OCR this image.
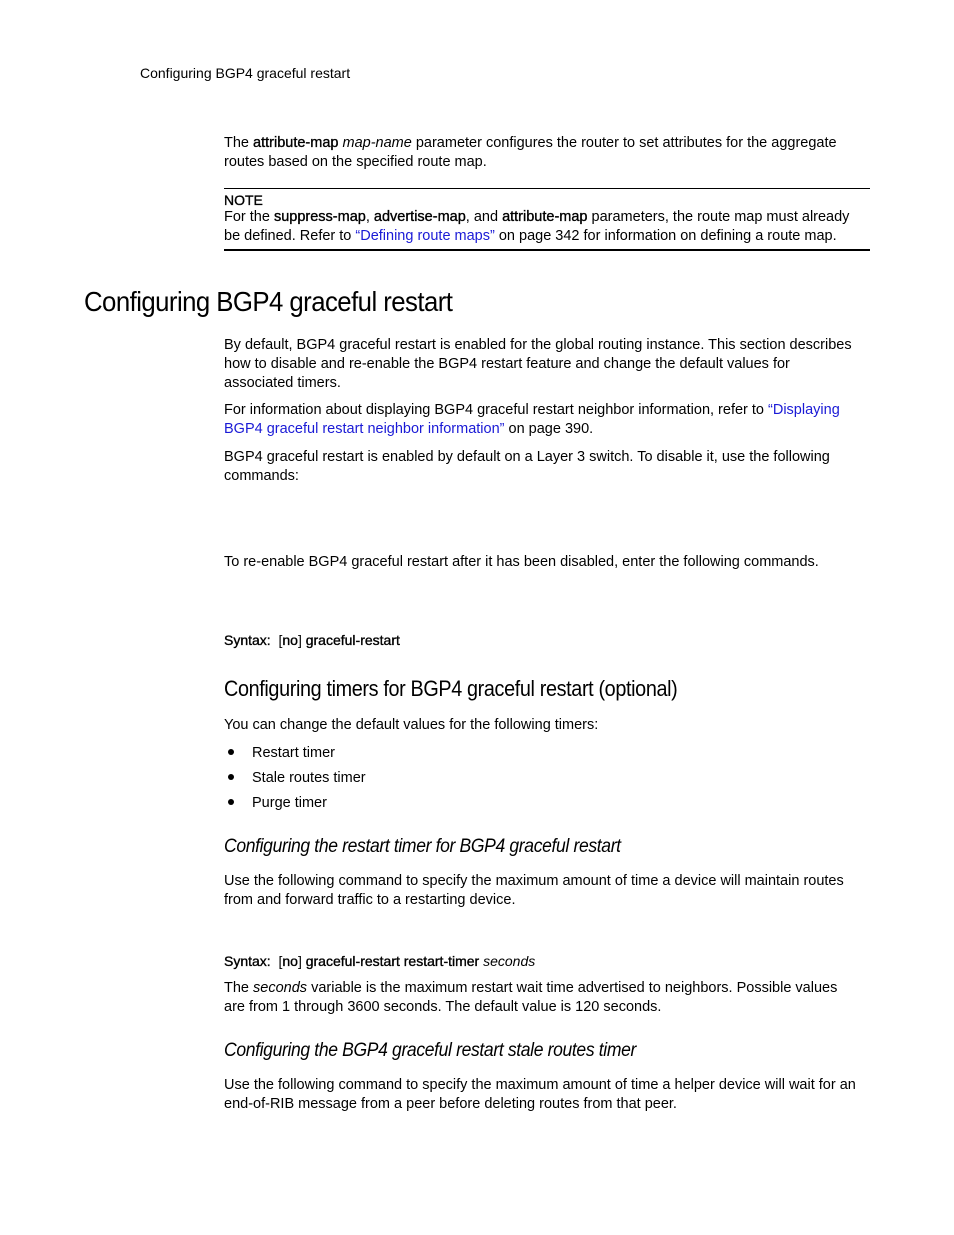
Configuring BGP4 graceful restart
The attribute-map map-name parameter configures the router to set attributes for the aggregate
routes based on the specified route map.
NOTE
For the suppress-map, advertise-map, and attribute-map parameters, the route map must already
be defined. Refer to “Defining route maps” on page 342 for information on defining a route map.
Configuring BGP4 graceful restart
By default, BGP4 graceful restart is enabled for the global routing instance. This section describes
how to disable and re-enable the BGP4 restart feature and change the default values for
associated timers.
For information about displaying BGP4 graceful restart neighbor information, refer to “Displaying
BGP4 graceful restart neighbor information” on page 390.
BGP4 graceful restart is enabled by default on a Layer 3 switch. To disable it, use the following
commands:
To re-enable BGP4 graceful restart after it has been disabled, enter the following commands.
Syntax: [no] graceful-restart
Configuring timers for BGP4 graceful restart (optional)
You can change the default values for the following timers:
Restart timer
Stale routes timer
Purge timer
Configuring the restart timer for BGP4 graceful restart
Use the following command to specify the maximum amount of time a device will maintain routes
from and forward traffic to a restarting device.
Syntax: [no] graceful-restart restart-timer seconds
The seconds variable is the maximum restart wait time advertised to neighbors. Possible values
are from 1 through 3600 seconds. The default value is 120 seconds.
Configuring the BGP4 graceful restart stale routes timer
Use the following command to specify the maximum amount of time a helper device will wait for an
end-of-RIB message from a peer before deleting routes from that peer.
